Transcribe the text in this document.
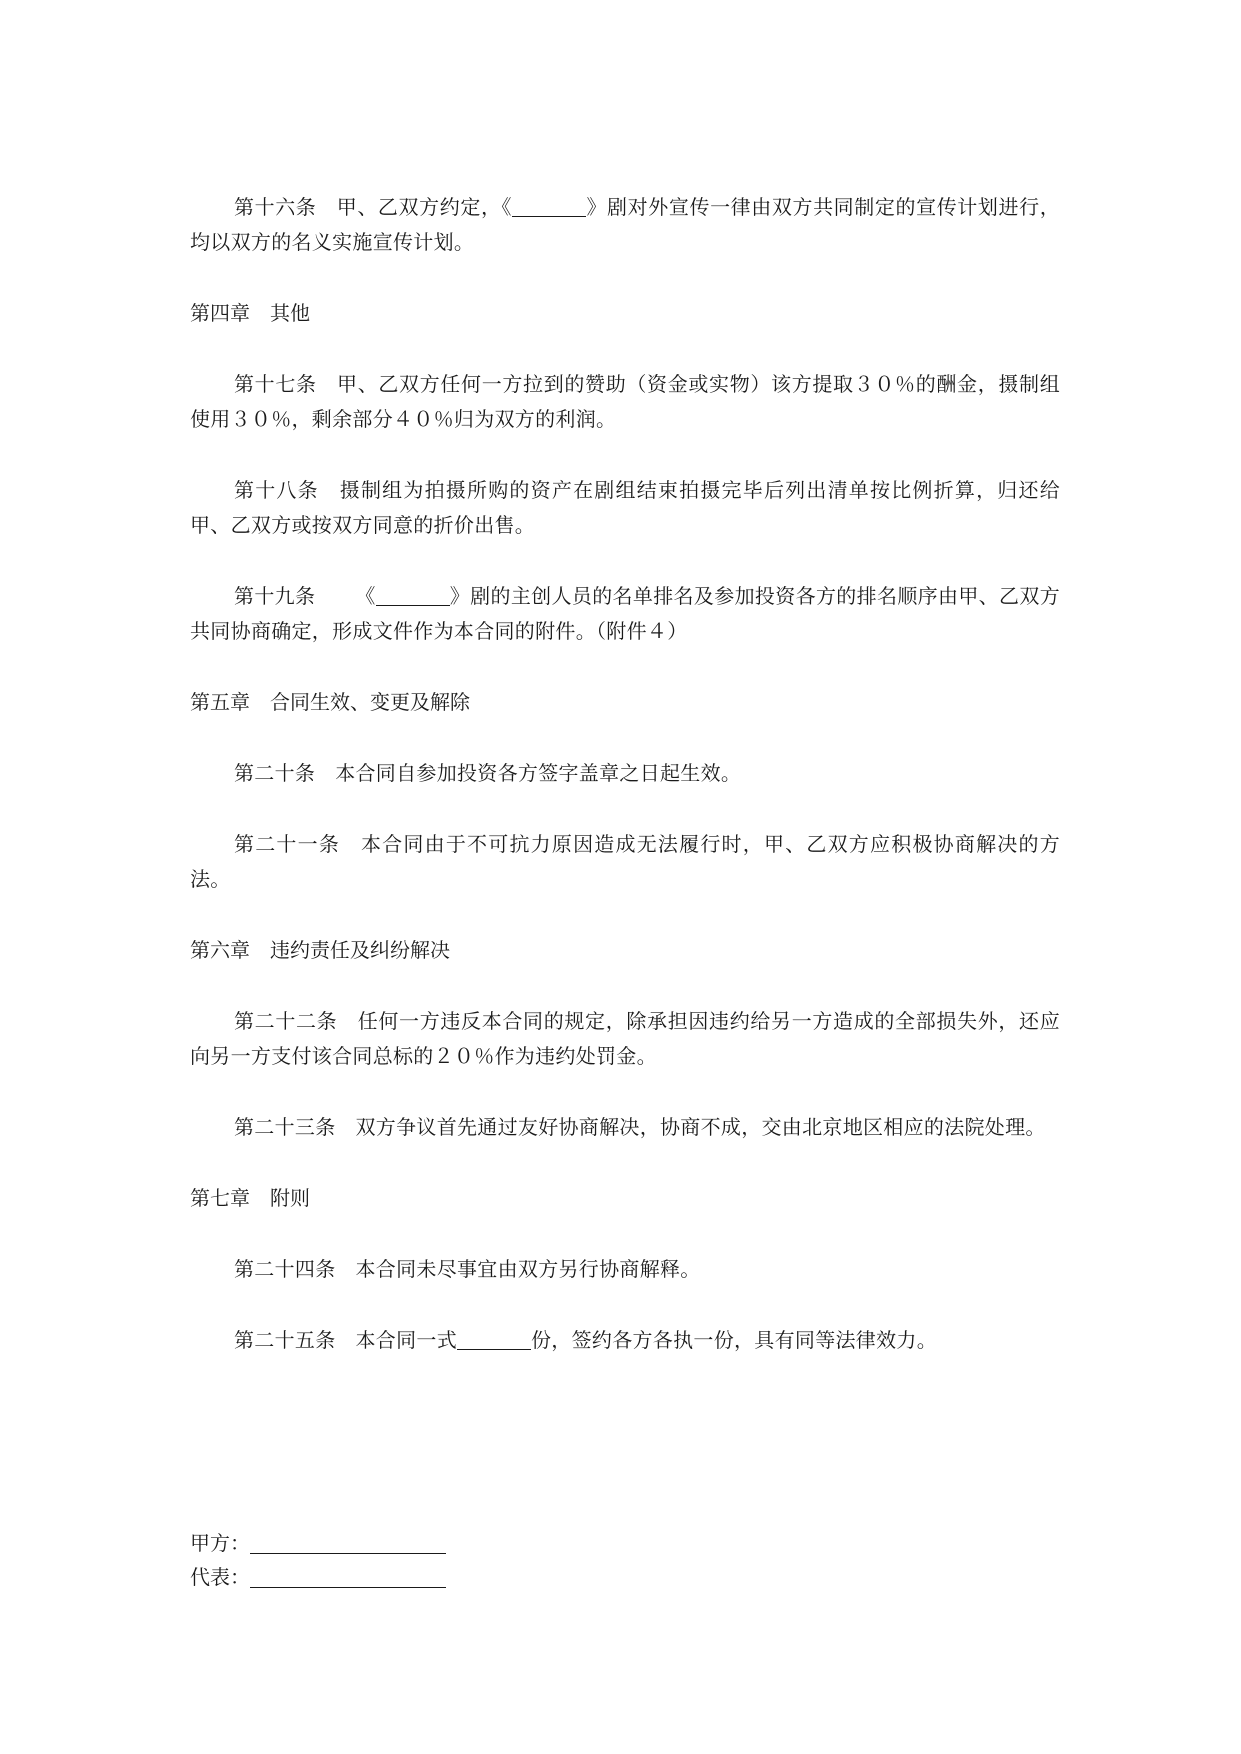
第十六条 甲、乙双方约定，《	》剧对外宣传一律由双方共同制定的宣传计划进行，均以双方的名义实施宣传计划。

第四章 其他

第十七条 甲、乙双方任何一方拉到的赞助（资金或实物）该方提取３０％的酬金，摄制组使用３０％，剩余部分４０％归为双方的利润。

第十八条 摄制组为拍摄所购的资产在剧组结束拍摄完毕后列出清单按比例折算，归还给甲、乙双方或按双方同意的折价出售。

第十九条 《	》剧的主创人员的名单排名及参加投资各方的排名顺序由甲、乙双方共同协商确定，形成文件作为本合同的附件。（附件４）

第五章 合同生效、变更及解除

第二十条 本合同自参加投资各方签字盖章之日起生效。

第二十一条 本合同由于不可抗力原因造成无法履行时，甲、乙双方应积极协商解决的方法。

第六章 违约责任及纠纷解决

第二十二条 任何一方违反本合同的规定，除承担因违约给另一方造成的全部损失外，还应向另一方支付该合同总标的２０％作为违约处罚金。

第二十三条 双方争议首先通过友好协商解决，协商不成，交由北京地区相应的法院处理。

第七章 附则

第二十四条 本合同未尽事宜由双方另行协商解释。

第二十五条 本合同一式	份，签约各方各执一份，具有同等法律效力。

甲方：
代表：
